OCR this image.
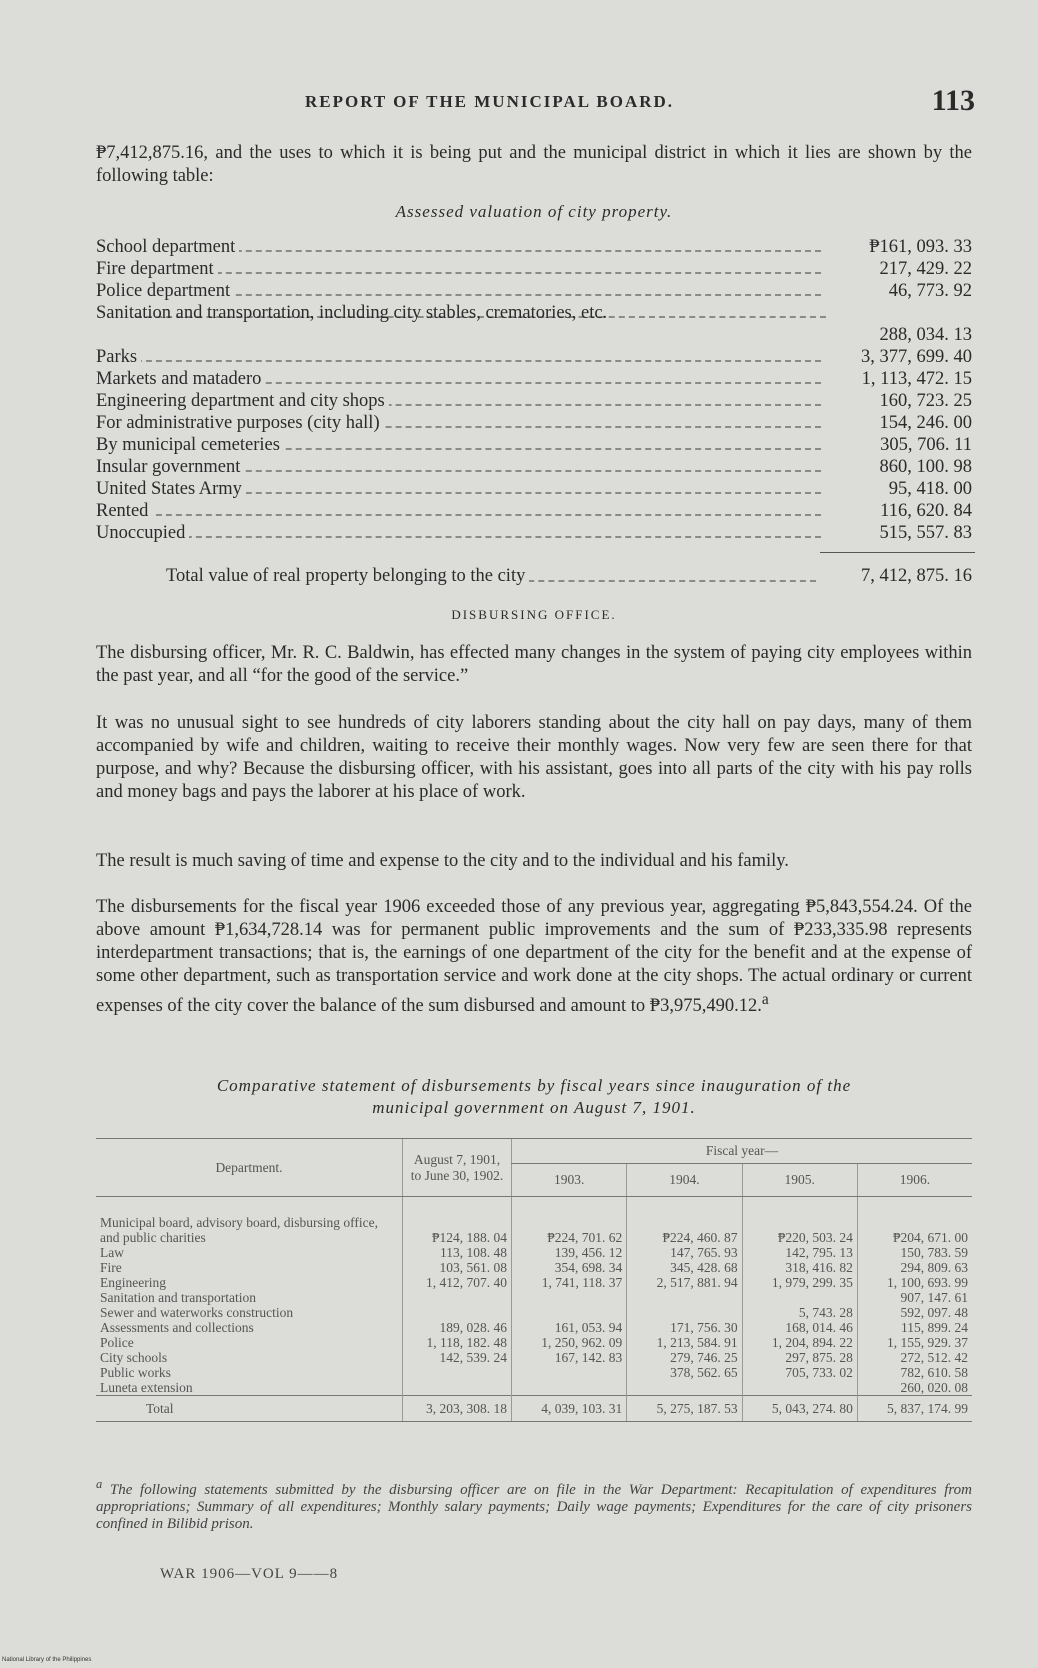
REPORT OF THE MUNICIPAL BOARD.	113
₱7,412,875.16, and the uses to which it is being put and the municipal district in which it lies are shown by the following table:
Assessed valuation of city property.
School department	₱161, 093. 33
Fire department	217, 429. 22
Police department	46, 773. 92
Sanitation and transportation, including city stables, crematories, etc.
288, 034. 13
Parks	3, 377, 699. 40
Markets and matadero	1, 113, 472. 15
Engineering department and city shops	160, 723. 25
For administrative purposes (city hall)	154, 246. 00
By municipal cemeteries	305, 706. 11
Insular government	860, 100. 98
United States Army	95, 418. 00
Rented	116, 620. 84
Unoccupied	515, 557. 83
Total value of real property belonging to the city	7, 412, 875. 16
DISBURSING OFFICE.
The disbursing officer, Mr. R. C. Baldwin, has effected many changes in the system of paying city employees within the past year, and all “for the good of the service.”
It was no unusual sight to see hundreds of city laborers standing about the city hall on pay days, many of them accompanied by wife and children, waiting to receive their monthly wages. Now very few are seen there for that purpose, and why? Because the disbursing officer, with his assistant, goes into all parts of the city with his pay rolls and money bags and pays the laborer at his place of work.
The result is much saving of time and expense to the city and to the individual and his family.
The disbursements for the fiscal year 1906 exceeded those of any previous year, aggregating ₱5,843,554.24. Of the above amount ₱1,634,728.14 was for permanent public improvements and the sum of ₱233,335.98 represents interdepartment transactions; that is, the earnings of one department of the city for the benefit and at the expense of some other department, such as transportation service and work done at the city shops. The actual ordinary or current expenses of the city cover the balance of the sum disbursed and amount to ₱3,975,490.12.$^a$
Comparative statement of disbursements by fiscal years since inauguration of the
municipal government on August 7, 1901.
Department.	August 7, 1901, to June 30, 1902.	Fiscal year—			
		1903.	1904.	1905.	1906.
Municipal board, advisory board, disbursing office, and public charities	₱124, 188. 04	₱224, 701. 62	₱224, 460. 87	₱220, 503. 24	₱204, 671. 00
Law	113, 108. 48	139, 456. 12	147, 765. 93	142, 795. 13	150, 783. 59
Fire	103, 561. 08	354, 698. 34	345, 428. 68	318, 416. 82	294, 809. 63
Engineering	1, 412, 707. 40	1, 741, 118. 37	2, 517, 881. 94	1, 979, 299. 35	1, 100, 693. 99
Sanitation and transportation					907, 147. 61
Sewer and waterworks construction				5, 743. 28	592, 097. 48
Assessments and collections	189, 028. 46	161, 053. 94	171, 756. 30	168, 014. 46	115, 899. 24
Police	1, 118, 182. 48	1, 250, 962. 09	1, 213, 584. 91	1, 204, 894. 22	1, 155, 929. 37
City schools	142, 539. 24	167, 142. 83	279, 746. 25	297, 875. 28	272, 512. 42
Public works			378, 562. 65	705, 733. 02	782, 610. 58
Luneta extension					260, 020. 08
Total	3, 203, 308. 18	4, 039, 103. 31	5, 275, 187. 53	5, 043, 274. 80	5, 837, 174. 99
$^a$ The following statements submitted by the disbursing officer are on file in the War Department: Recapitulation of expenditures from appropriations; Summary of all expenditures; Monthly salary payments; Daily wage payments; Expenditures for the care of city prisoners confined in Bilibid prison.
WAR 1906—VOL 9——8
National Library of the Philippines
